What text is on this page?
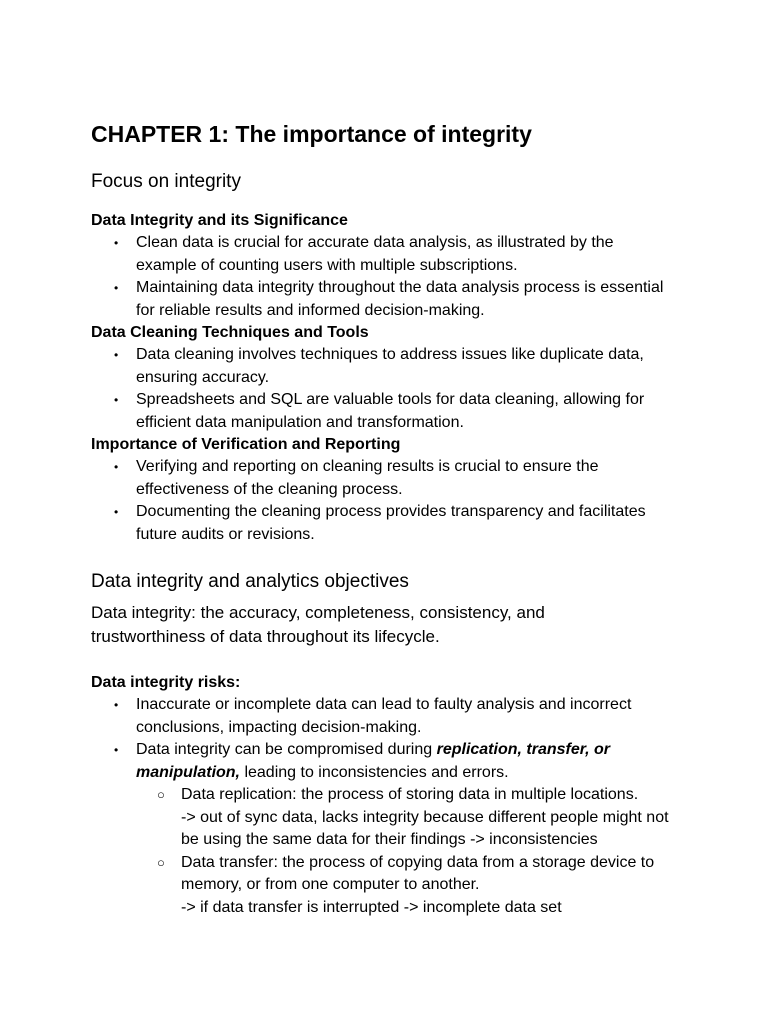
CHAPTER 1: The importance of integrity
Focus on integrity
Data Integrity and its Significance
• Clean data is crucial for accurate data analysis, as illustrated by the example of counting users with multiple subscriptions.
• Maintaining data integrity throughout the data analysis process is essential for reliable results and informed decision-making.
Data Cleaning Techniques and Tools
• Data cleaning involves techniques to address issues like duplicate data, ensuring accuracy.
• Spreadsheets and SQL are valuable tools for data cleaning, allowing for efficient data manipulation and transformation.
Importance of Verification and Reporting
• Verifying and reporting on cleaning results is crucial to ensure the effectiveness of the cleaning process.
• Documenting the cleaning process provides transparency and facilitates future audits or revisions.
Data integrity and analytics objectives

Data integrity: the accuracy, completeness, consistency, and trustworthiness of data throughout its lifecycle.

Data integrity risks:
• Inaccurate or incomplete data can lead to faulty analysis and incorrect conclusions, impacting decision-making.
• Data integrity can be compromised during replication, transfer, or manipulation, leading to inconsistencies and errors.
○ Data replication: the process of storing data in multiple locations.
-> out of sync data, lacks integrity because different people might not be using the same data for their findings -> inconsistencies
○ Data transfer: the process of copying data from a storage device to memory, or from one computer to another.
-> if data transfer is interrupted -> incomplete data set
